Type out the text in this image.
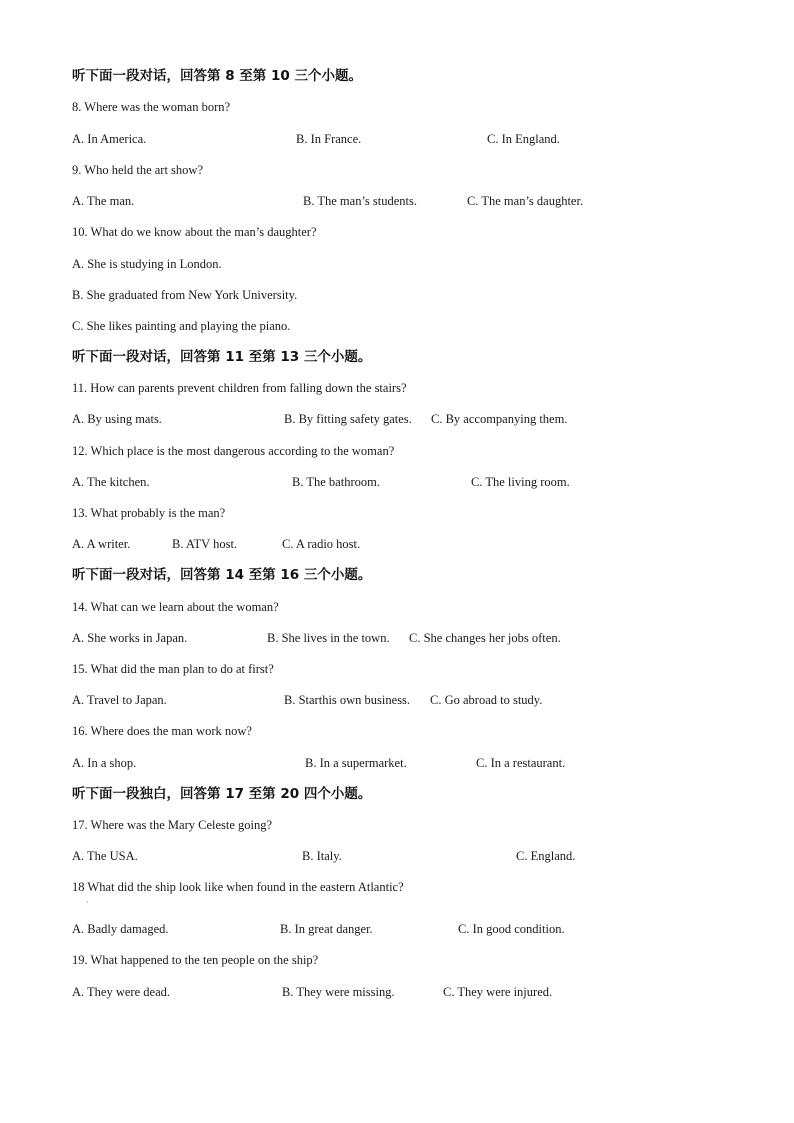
听下面一段对话，回答第 8 至第 10 三个小题。
8. Where was the woman born?
A. In America.	B. In France.	C. In England.
9. Who held the art show?
A. The man.	B. The man’s students.	C. The man’s daughter.
10. What do we know about the man’s daughter?
A. She is studying in London.
B. She graduated from New York University.
C. She likes painting and playing the piano.
听下面一段对话，回答第 11 至第 13 三个小题。
11. How can parents prevent children from falling down the stairs?
A. By using mats.	B. By fitting safety gates. C. By accompanying them.
12. Which place is the most dangerous according to the woman?
A. The kitchen.	B. The bathroom.	C. The living room.
13. What probably is the man?
A. A writer.	B. ATV host.	C. A radio host.
听下面一段对话，回答第 14 至第 16 三个小题。
14. What can we learn about the woman?
A. She works in Japan.	B. She lives in the town. C. She changes her jobs often.
15. What did the man plan to do at first?
A. Travel to Japan.	B. Starthis own business. C. Go abroad to study.
16. Where does the man work now?
A. In a shop.	B. In a supermarket.	C. In a restaurant.
听下面一段独白，回答第 17 至第 20 四个小题。
17. Where was the Mary Celeste going?
A. The USA.	B. Italy.	C. England.
18 What did the ship look like when found in the eastern Atlantic?
·
A. Badly damaged.	B. In great danger.	C. In good condition.
19. What happened to the ten people on the ship?
A. They were dead.	B. They were missing.	C. They were injured.
